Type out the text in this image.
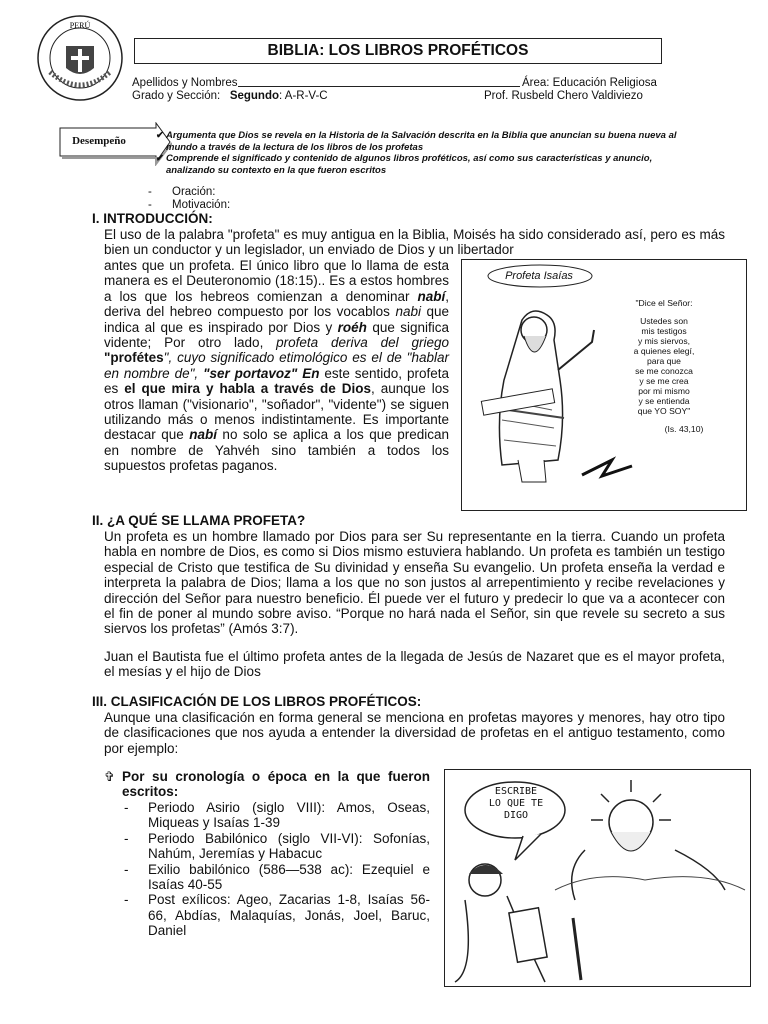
PERÚ
BIBLIA: LOS LIBROS PROFÉTICOS
Apellidos y Nombres	Área: Educación Religiosa
Grado y Sección: Segundo: A-R-V-C	Prof. Rusbeld Chero Valdiviezo
Desempeño	✔ Argumenta que Dios se revela en la Historia de la Salvación descrita en la Biblia que anuncian su buena nueva al mundo a través de la lectura de los libros de los profetas
✔ Comprende el significado y contenido de algunos libros proféticos, así como sus características y anuncio, analizando su contexto en la que fueron escritos
- Oración:
- Motivación:
I. INTRODUCCIÓN:
El uso de la palabra "profeta" es muy antigua en la Biblia, Moisés ha sido considerado así, pero es más bien un conductor y un legislador, un enviado de Dios y un libertador
antes que un profeta. El único libro que lo llama de esta manera es el Deuteronomio (18:15).. Es a estos hombres a los que los hebreos comienzan a denominar nabí, deriva del hebreo compuesto por los vocablos nabi que indica al que es inspirado por Dios y roéh que significa vidente; Por otro lado, profeta deriva del griego "profétes", cuyo significado etimológico es el de "hablar en nombre de", "ser portavoz" En este sentido, profeta es el que mira y habla a través de Dios, aunque los otros llaman ("visionario", "soñador", "vidente") se siguen utilizando más o menos indistintamente. Es importante destacar que nabí no solo se aplica a los que predican en nombre de Yahvéh sino también a todos los supuestos profetas paganos.
Profeta Isaías
"Dice el Señor:
Ustedes son
mis testigos
y mis siervos,
a quienes elegí,
para que
se me conozca
y se me crea
por mi mismo
y se entienda
que YO SOY"
(Is. 43,10)
II. ¿A QUÉ SE LLAMA PROFETA?
Un profeta es un hombre llamado por Dios para ser Su representante en la tierra. Cuando un profeta habla en nombre de Dios, es como si Dios mismo estuviera hablando. Un profeta es también un testigo especial de Cristo que testifica de Su divinidad y enseña Su evangelio. Un profeta enseña la verdad e interpreta la palabra de Dios; llama a los que no son justos al arrepentimiento y recibe revelaciones y dirección del Señor para nuestro beneficio. Él puede ver el futuro y predecir lo que va a acontecer con el fin de poner al mundo sobre aviso. “Porque no hará nada el Señor, sin que revele su secreto a sus siervos los profetas” (Amós 3:7).
Juan el Bautista fue el último profeta antes de la llegada de Jesús de Nazaret que es el mayor profeta, el mesías y el hijo de Dios
III. CLASIFICACIÓN DE LOS LIBROS PROFÉTICOS:
Aunque una clasificación en forma general se menciona en profetas mayores y menores, hay otro tipo de clasificaciones que nos ayuda a entender la diversidad de profetas en el antiguo testamento, como por ejemplo:
✞ Por su cronología o época en la que fueron escritos:
- Periodo Asirio (siglo VIII): Amos, Oseas, Miqueas y Isaías 1-39
- Periodo Babilónico (siglo VII-VI): Sofonías, Nahúm, Jeremías y Habacuc
- Exilio babilónico (586—538 ac): Ezequiel e Isaías 40-55
- Post exílicos: Ageo, Zacarias 1-8, Isaías 56-66, Abdías, Malaquías, Jonás, Joel, Baruc, Daniel
ESCRIBE
LO QUE TE
DIGO
